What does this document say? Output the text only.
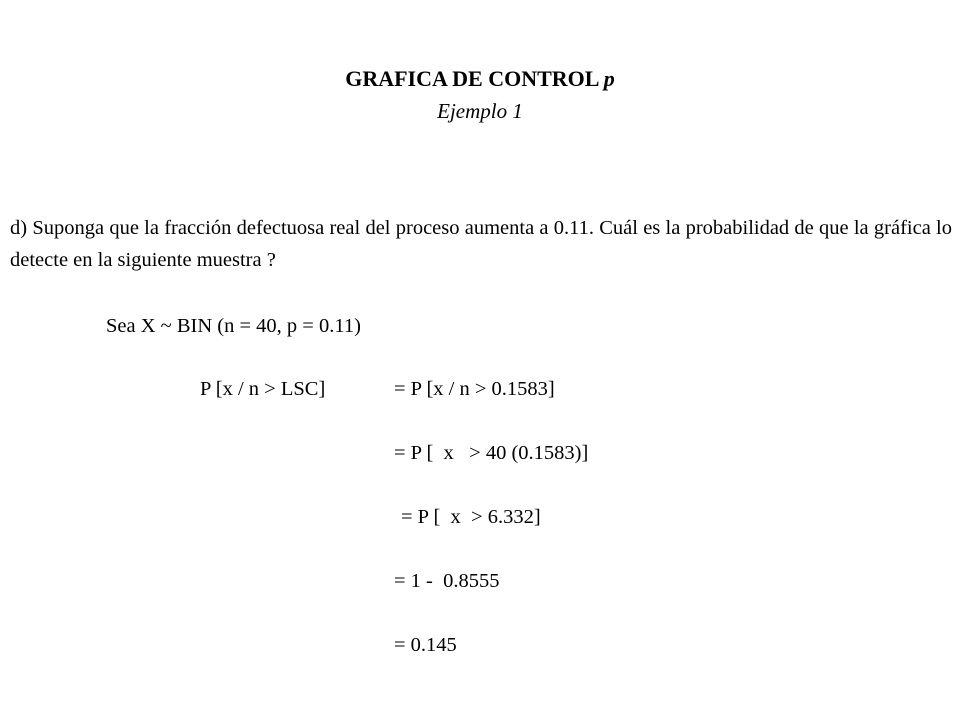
GRAFICA DE CONTROL p
Ejemplo 1

d) Suponga que la fracción defectuosa real del proceso aumenta a 0.11. Cuál es la probabilidad de que la gráfica lo detecte en la siguiente muestra ?

Sea X ~ BIN (n = 40, p = 0.11)
P [x / n > LSC]	= P [x / n > 0.1583]
= P [  x   > 40 (0.1583)]
= P [  x  > 6.332]
= 1 -  0.8555
= 0.145
